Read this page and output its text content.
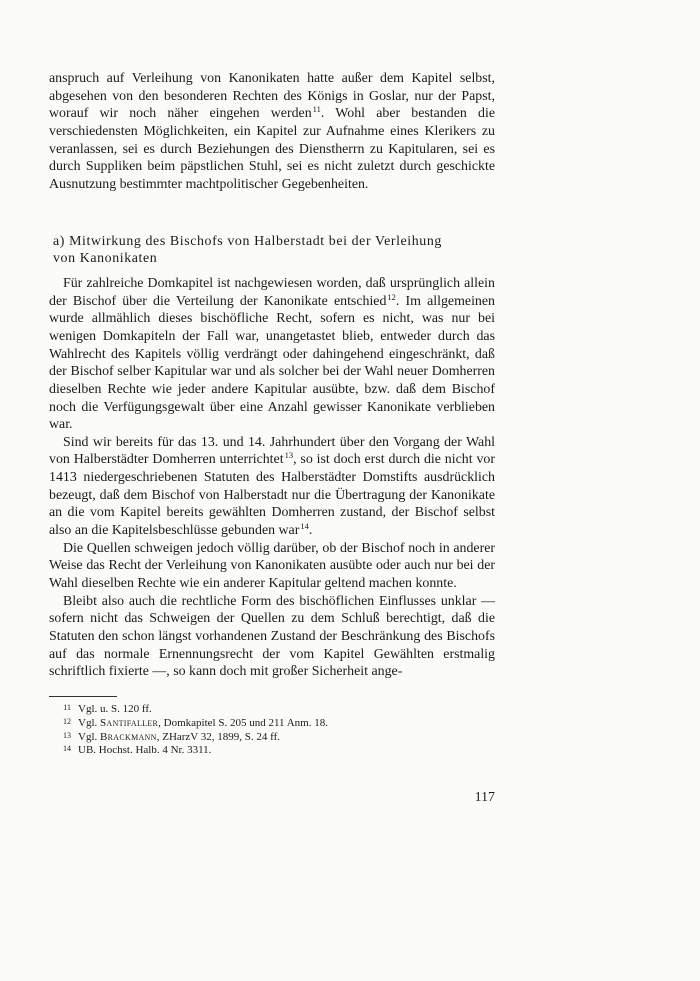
anspruch auf Verleihung von Kanonikaten hatte außer dem Kapitel selbst, abgesehen von den besonderen Rechten des Königs in Goslar, nur der Papst, worauf wir noch näher eingehen werden$^{11}$. Wohl aber bestanden die verschiedensten Möglichkeiten, ein Kapitel zur Aufnahme eines Klerikers zu veranlassen, sei es durch Beziehungen des Dienstherrn zu Kapitularen, sei es durch Suppliken beim päpstlichen Stuhl, sei es nicht zuletzt durch geschickte Ausnutzung bestimmter machtpolitischer Gegebenheiten.

a) Mitwirkung des Bischofs von Halberstadt bei der Verleihung
von Kanonikaten

Für zahlreiche Domkapitel ist nachgewiesen worden, daß ursprünglich allein der Bischof über die Verteilung der Kanonikate entschied$^{12}$. Im allgemeinen wurde allmählich dieses bischöfliche Recht, sofern es nicht, was nur bei wenigen Domkapiteln der Fall war, unangetastet blieb, entweder durch das Wahlrecht des Kapitels völlig verdrängt oder dahingehend eingeschränkt, daß der Bischof selber Kapitular war und als solcher bei der Wahl neuer Domherren dieselben Rechte wie jeder andere Kapitular ausübte, bzw. daß dem Bischof noch die Verfügungsgewalt über eine Anzahl gewisser Kanonikate verblieben war.

Sind wir bereits für das 13. und 14. Jahrhundert über den Vorgang der Wahl von Halberstädter Domherren unterrichtet$^{13}$, so ist doch erst durch die nicht vor 1413 niedergeschriebenen Statuten des Halberstädter Domstifts ausdrücklich bezeugt, daß dem Bischof von Halberstadt nur die Übertragung der Kanonikate an die vom Kapitel bereits gewählten Domherren zustand, der Bischof selbst also an die Kapitelsbeschlüsse gebunden war$^{14}$.

Die Quellen schweigen jedoch völlig darüber, ob der Bischof noch in anderer Weise das Recht der Verleihung von Kanonikaten ausübte oder auch nur bei der Wahl dieselben Rechte wie ein anderer Kapitular geltend machen konnte.

Bleibt also auch die rechtliche Form des bischöflichen Einflusses unklar — sofern nicht das Schweigen der Quellen zu dem Schluß berechtigt, daß die Statuten den schon längst vorhandenen Zustand der Beschränkung des Bischofs auf das normale Ernennungsrecht der vom Kapitel Gewählten erstmalig schriftlich fixierte —, so kann doch mit großer Sicherheit ange-

11 Vgl. u. S. 120 ff.
12 Vgl. Santifaller, Domkapitel S. 205 und 211 Anm. 18.
13 Vgl. Brackmann, ZHarzV 32, 1899, S. 24 ff.
14 UB. Hochst. Halb. 4 Nr. 3311.
117
